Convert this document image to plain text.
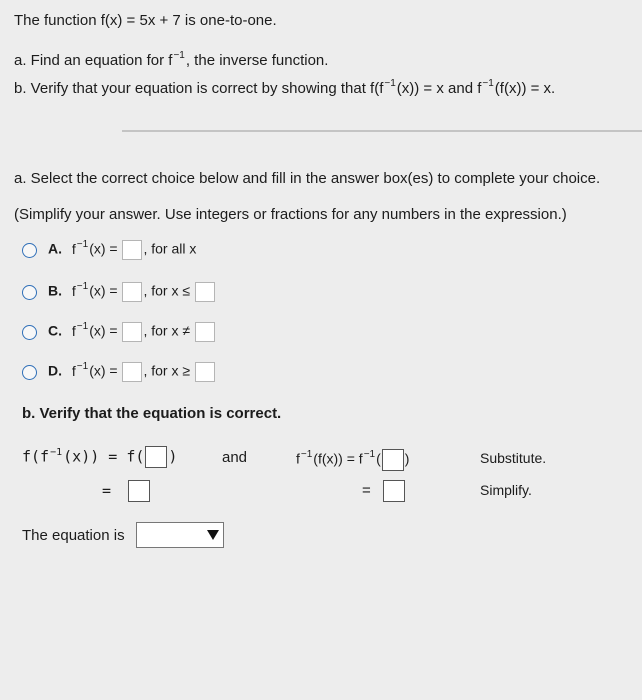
The function f(x) = 5x + 7 is one-to-one.
a. Find an equation for $f^{-1}$, the inverse function.
b. Verify that your equation is correct by showing that $f(f^{-1}(x)) = x$ and $f^{-1}(f(x)) = x$.
a. Select the correct choice below and fill in the answer box(es) to complete your choice.
(Simplify your answer. Use integers or fractions for any numbers in the expression.)
A. $f^{-1}(x)$ = , for all x
B. $f^{-1}(x)$ = , for x ≤
C. $f^{-1}(x)$ = , for x ≠
D. $f^{-1}(x)$ = , for x ≥
b. Verify that the equation is correct.
$f(f^{-1}(x)) = f$( )
=
and	$f^{-1}(f(x)) = f^{-1}$( )
=
Substitute.
Simplify.
The equation is
